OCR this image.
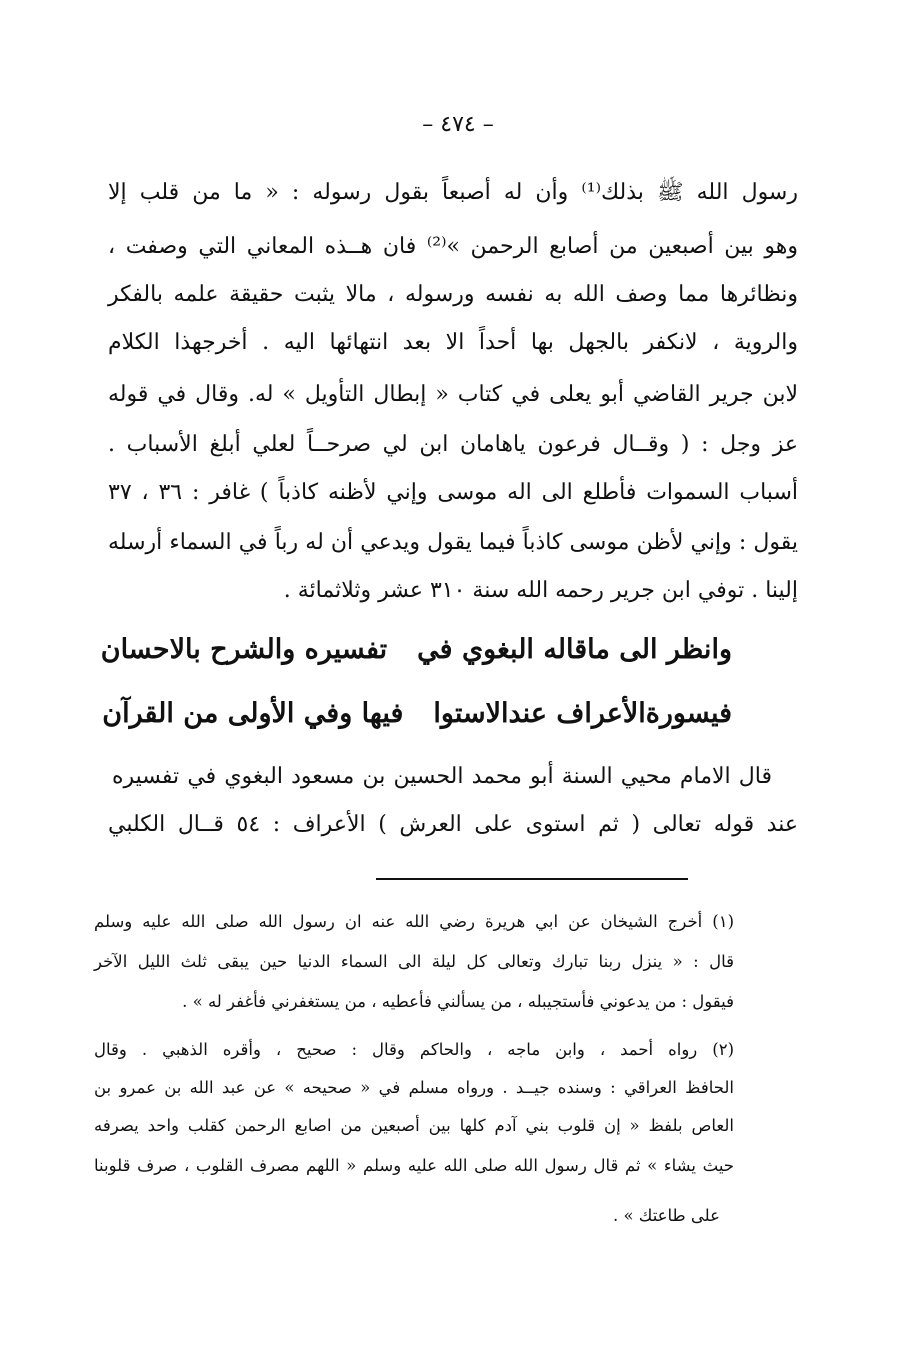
– ٤٧٤ –
رسول الله ﷺ بذلك⁽¹⁾ وأن له أصبعاً بقول رسوله : « ما من قلب إلا
وهو بين أصبعين من أصابع الرحمن »⁽²⁾ فان هــذه المعاني التي وصفت ،
ونظائرها مما وصف الله به نفسه ورسوله ، مالا يثبت حقيقة علمه بالفكر
والروية ، لانكفر بالجهل بها أحداً الا بعد انتهائها اليه . أخرجهذا الكلام
لابن جرير القاضي أبو يعلى في كتاب « إبطال التأويل » له. وقال في قوله
عز وجل : ( وقــال فرعون ياهامان ابن لي صرحــاً لعلي أبلغ الأسباب .
أسباب السموات فأطلع الى اله موسى وإني لأظنه كاذباً ) غافر : ٣٦ ، ٣٧
يقول : وإني لأظن موسى كاذباً فيما يقول ويدعي أن له رباً في السماء أرسله
إلينا . توفي ابن جرير رحمه الله سنة ٣١٠ عشر وثلاثمائة .
وانظر الى ماقاله البغوي فيتفسيره والشرح بالاحسان
فيسورةالأعراف عندالاستوافيها وفي الأولى من القرآن
قال الامام محيي السنة أبو محمد الحسين بن مسعود البغوي في تفسيره
عند قوله تعالى ( ثم استوى على العرش ) الأعراف : ٥٤ قــال الكلبي
(١) أخرج الشيخان عن ابي هريرة رضي الله عنه ان رسول الله صلى الله عليه وسلم
قال : « ينزل ربنا تبارك وتعالى كل ليلة الى السماء الدنيا حين يبقى ثلث الليل الآخر
فيقول : من يدعوني فأستجيبله ، من يسألني فأعطيه ، من يستغفرني فأغفر له » .
(٢) رواه أحمد ، وابن ماجه ، والحاكم وقال : صحيح ، وأقره الذهبي . وقال
الحافظ العراقي : وسنده جيــد . ورواه مسلم في « صحيحه » عن عبد الله بن عمرو بن
العاص بلفظ « إن قلوب بني آدم كلها بين أصبعين من اصابع الرحمن كقلب واحد يصرفه
حيث يشاء » ثم قال رسول الله صلى الله عليه وسلم « اللهم مصرف القلوب ، صرف قلوبنا
على طاعتك » .
